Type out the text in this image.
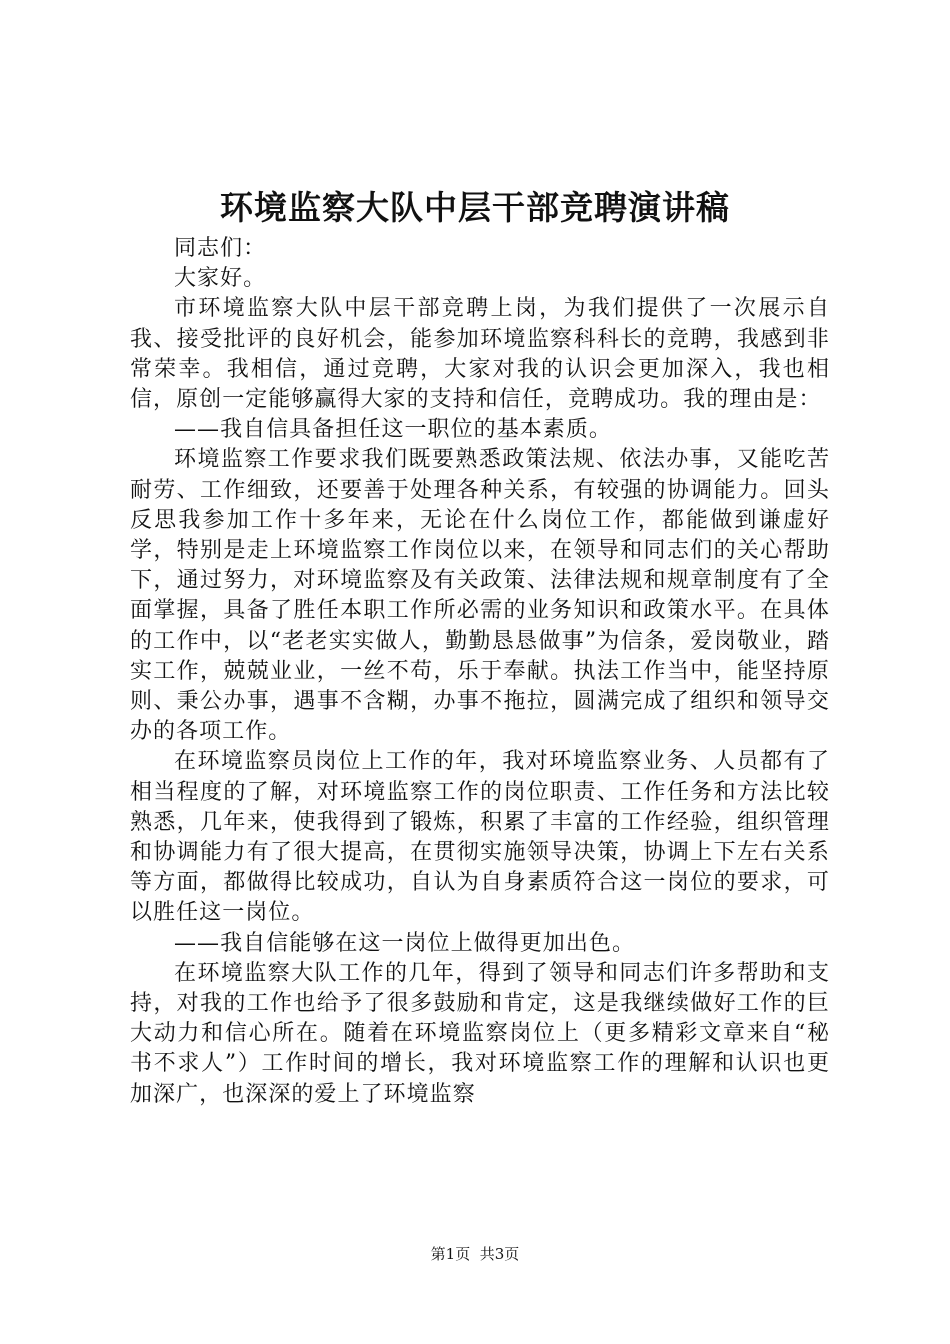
环境监察大队中层干部竞聘演讲稿

同志们：

大家好。

市环境监察大队中层干部竞聘上岗，为我们提供了一次展示自我、接受批评的良好机会，能参加环境监察科科长的竞聘，我感到非常荣幸。我相信，通过竞聘，大家对我的认识会更加深入，我也相信，原创一定能够赢得大家的支持和信任，竞聘成功。我的理由是：

——我自信具备担任这一职位的基本素质。

环境监察工作要求我们既要熟悉政策法规、依法办事，又能吃苦耐劳、工作细致，还要善于处理各种关系，有较强的协调能力。回头反思我参加工作十多年来，无论在什么岗位工作，都能做到谦虚好学，特别是走上环境监察工作岗位以来，在领导和同志们的关心帮助下，通过努力，对环境监察及有关政策、法律法规和规章制度有了全面掌握，具备了胜任本职工作所必需的业务知识和政策水平。在具体的工作中，以“老老实实做人，勤勤恳恳做事”为信条，爱岗敬业，踏实工作，兢兢业业，一丝不苟，乐于奉献。执法工作当中，能坚持原则、秉公办事，遇事不含糊，办事不拖拉，圆满完成了组织和领导交办的各项工作。

在环境监察员岗位上工作的年，我对环境监察业务、人员都有了相当程度的了解，对环境监察工作的岗位职责、工作任务和方法比较熟悉，几年来，使我得到了锻炼，积累了丰富的工作经验，组织管理和协调能力有了很大提高，在贯彻实施领导决策，协调上下左右关系等方面，都做得比较成功，自认为自身素质符合这一岗位的要求，可以胜任这一岗位。

——我自信能够在这一岗位上做得更加出色。

在环境监察大队工作的几年，得到了领导和同志们许多帮助和支持，对我的工作也给予了很多鼓励和肯定，这是我继续做好工作的巨大动力和信心所在。随着在环境监察岗位上（更多精彩文章来自“秘书不求人”）工作时间的增长，我对环境监察工作的理解和认识也更加深广，也深深的爱上了环境监察

第1页 共3页
